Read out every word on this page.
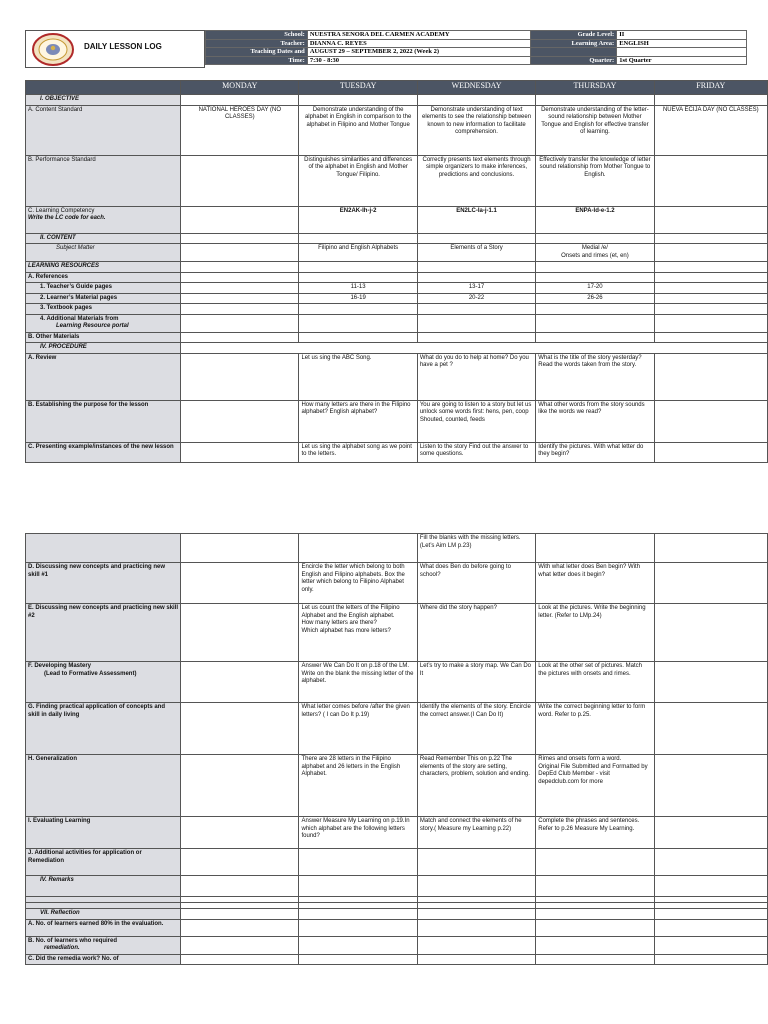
DAILY LESSON LOG
School:	NUESTRA SENORA DEL CARMEN ACADEMY	Grade Level:	II
Teacher:	DIANNA C. REYES	Learning Area:	ENGLISH
Teaching Dates and	AUGUST 29 – SEPTEMBER 2, 2022 (Week 2)		
Time:	7:30 - 8:30	Quarter:	1st Quarter
	MONDAY	TUESDAY	WEDNESDAY	THURSDAY	FRIDAY
I. OBJECTIVE					
A. Content Standard	NATIONAL HEROES DAY (NO CLASSES)	Demonstrate understanding of the alphabet in English in comparison to the alphabet in Filipino and Mother Tongue	Demonstrate understanding of text elements to see the relationship between known to new information to facilitate comprehension.	Demonstrate understanding of the letter- sound relationship between Mother Tongue and English for effective transfer of learning.	NUEVA ECIJA DAY (NO CLASSES)
B. Performance Standard		Distinguishes similarities and differences of the alphabet in English and Mother Tongue/ Filipino.	Correctly presents text elements through simple organizers to make inferences, predictions and conclusions.	Effectively transfer the knowledge of letter sound relationship from Mother Tongue to English.	
C. Learning Competency
Write the LC code for each.		EN2AK-Ih-j-2	EN2LC-Ia-j-1.1	ENPA-Id-e-1.2	
II. CONTENT					
Subject Matter		Filipino and English Alphabets	Elements of a Story	Medial /e/
Onsets and rimes (et, en)	
LEARNING RESOURCES					
A. References					
1. Teacher’s Guide pages		11-13	13-17	17-20	
2. Learner’s Material pages		16-19	20-22	26-26	
3. Textbook pages					
4. Additional Materials from
Learning Resource portal					
B. Other Materials					
IV. PROCEDURE					
A. Review		Let us sing the ABC Song.	What do you do to help at home? Do you have a pet ?	What is the title of the story yesterday? Read the words taken from the story.	
B. Establishing the purpose for the lesson		How many letters are there in the Filipino alphabet? English alphabet?	You are going to listen to a story but let us unlock some words first: hens, pen, coop Shouted, counted, feeds	What other words from the story sounds like the words we read?	
C. Presenting example/instances of the new lesson		Let us sing the alphabet song as we point to the letters.	Listen to the story Find out the answer to some questions.	Identify the pictures. With what letter do they begin?	
			Fill the blanks with the missing letters. (Let’s Aim LM p.23)		
D. Discussing new concepts and practicing new skill #1		Encircle the letter which belong to both English and Filipino alphabets. Box the letter which belong to Filipino Alphabet only.	What does Ben do before going to school?	With what letter does Ben begin? With what letter does it begin?	
E. Discussing new concepts and practicing new skill #2		Let us count the letters of the Filipino Alphabet and the English alphabet.
How many letters are there?
Which alphabet has more letters?	Where did the story happen?	Look at the pictures. Write the beginning letter. (Refer to LMp.24)	
F. Developing Mastery
(Lead to Formative Assessment)		Answer We Can Do It on p.18 of the LM. Write on the blank the missing letter of the alphabet.	Let’s try to make a story map. We Can Do It	Look at the other set of pictures. Match the pictures with onsets and rimes.	
G. Finding practical application of concepts and skill in daily living		What letter comes before /after the given letters? ( I can Do It p.19)	Identify the elements of the story. Encircle the correct answer.(I Can Do It)	Write the correct beginning letter to form word. Refer to p.25.	
H. Generalization		There are 28 letters in the Filipino alphabet and 26 letters in the English Alphabet.	Read Remember This on p.22 The elements of the story are setting, characters, problem, solution and ending.	Rimes and onsets form a word.
Original File Submitted and Formatted by DepEd Club Member - visit depedclub.com for more	
I. Evaluating Learning		Answer Measure My Learning on p.19.In which alphabet are the following letters found?	Match and connect the elements of he story.( Measure my Learning p.22)	Complete the phrases and sentences. Refer to p.26 Measure My Learning.	
J. Additional activities for application or Remediation					
IV. Remarks					

VII. Reflection					
A. No. of learners earned 80% in the evaluation.					
B. No. of learners who required
remediation.					
C. Did the remedia work? No. of					
